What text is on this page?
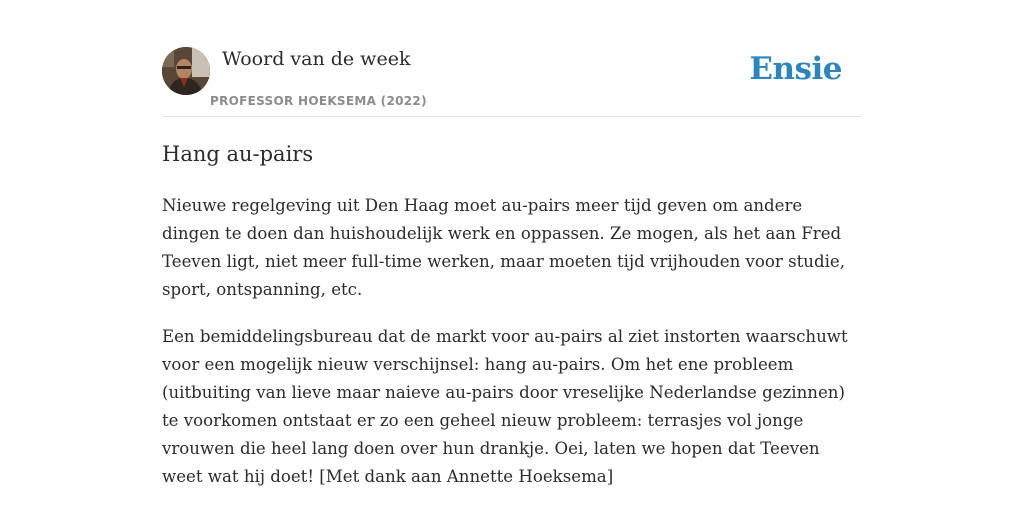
Woord van de week
PROFESSOR HOEKSEMA (2022)
Ensie
Hang au-pairs

Nieuwe regelgeving uit Den Haag moet au-pairs meer tijd geven om andere dingen te doen dan huishoudelijk werk en oppassen. Ze mogen, als het aan Fred Teeven ligt, niet meer full-time werken, maar moeten tijd vrijhouden voor studie, sport, ontspanning, etc.

Een bemiddelingsbureau dat de markt voor au-pairs al ziet instorten waarschuwt voor een mogelijk nieuw verschijnsel: hang au-pairs. Om het ene probleem (uitbuiting van lieve maar naieve au-pairs door vreselijke Nederlandse gezinnen) te voorkomen ontstaat er zo een geheel nieuw probleem: terrasjes vol jonge vrouwen die heel lang doen over hun drankje. Oei, laten we hopen dat Teeven weet wat hij doet! [Met dank aan Annette Hoeksema]
